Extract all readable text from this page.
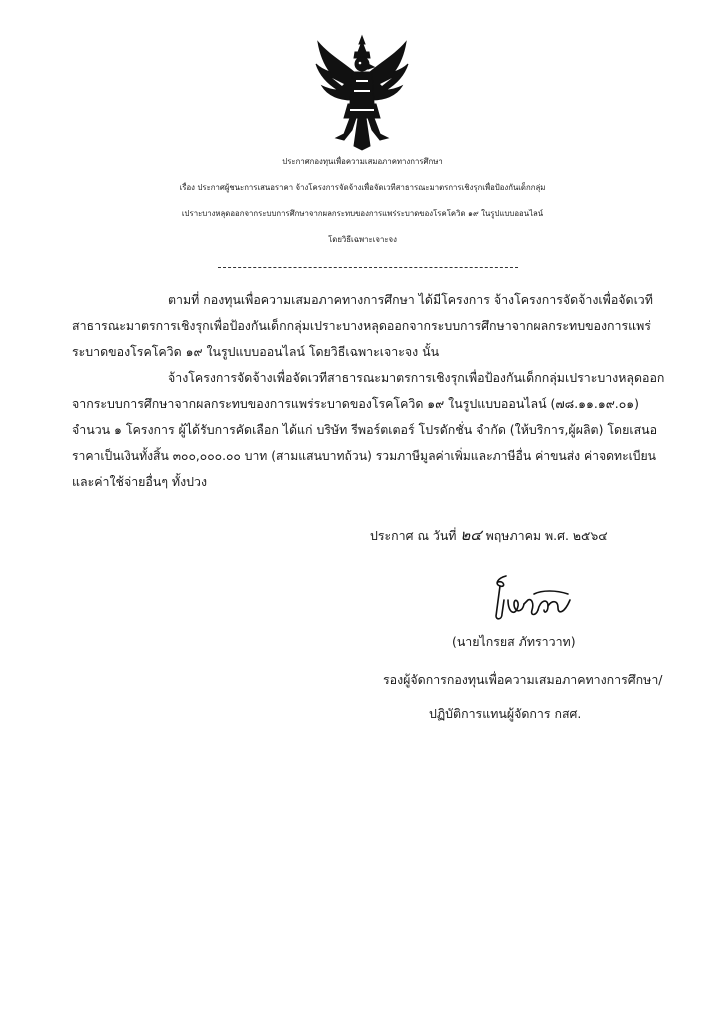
ประกาศกองทุนเพื่อความเสมอภาคทางการศึกษา
เรื่อง ประกาศผู้ชนะการเสนอราคา จ้างโครงการจัดจ้างเพื่อจัดเวทีสาธารณะมาตรการเชิงรุกเพื่อป้องกันเด็กกลุ่ม
เปราะบางหลุดออกจากระบบการศึกษาจากผลกระทบของการแพร่ระบาดของโรคโควิด ๑๙ ในรูปแบบออนไลน์
โดยวิธีเฉพาะเจาะจง
ตามที่ กองทุนเพื่อความเสมอภาคทางการศึกษา ได้มีโครงการ จ้างโครงการจัดจ้างเพื่อจัดเวที
สาธารณะมาตรการเชิงรุกเพื่อป้องกันเด็กกลุ่มเปราะบางหลุดออกจากระบบการศึกษาจากผลกระทบของการแพร่
ระบาดของโรคโควิด ๑๙ ในรูปแบบออนไลน์ โดยวิธีเฉพาะเจาะจง นั้น
จ้างโครงการจัดจ้างเพื่อจัดเวทีสาธารณะมาตรการเชิงรุกเพื่อป้องกันเด็กกลุ่มเปราะบางหลุดออก
จากระบบการศึกษาจากผลกระทบของการแพร่ระบาดของโรคโควิด ๑๙ ในรูปแบบออนไลน์ (๗๘.๑๑.๑๙.๐๑)
จำนวน ๑ โครงการ ผู้ได้รับการคัดเลือก ได้แก่ บริษัท รีพอร์ตเตอร์ โปรดักชั่น จำกัด (ให้บริการ,ผู้ผลิต) โดยเสนอ
ราคาเป็นเงินทั้งสิ้น ๓๐๐,๐๐๐.๐๐ บาท (สามแสนบาทถ้วน) รวมภาษีมูลค่าเพิ่มและภาษีอื่น ค่าขนส่ง ค่าจดทะเบียน
และค่าใช้จ่ายอื่นๆ ทั้งปวง
ประกาศ ณ วันที่ ๒๔ พฤษภาคม พ.ศ. ๒๕๖๔
(นายไกรยส ภัทราวาท)
รองผู้จัดการกองทุนเพื่อความเสมอภาคทางการศึกษา/
ปฏิบัติการแทนผู้จัดการ กสศ.
